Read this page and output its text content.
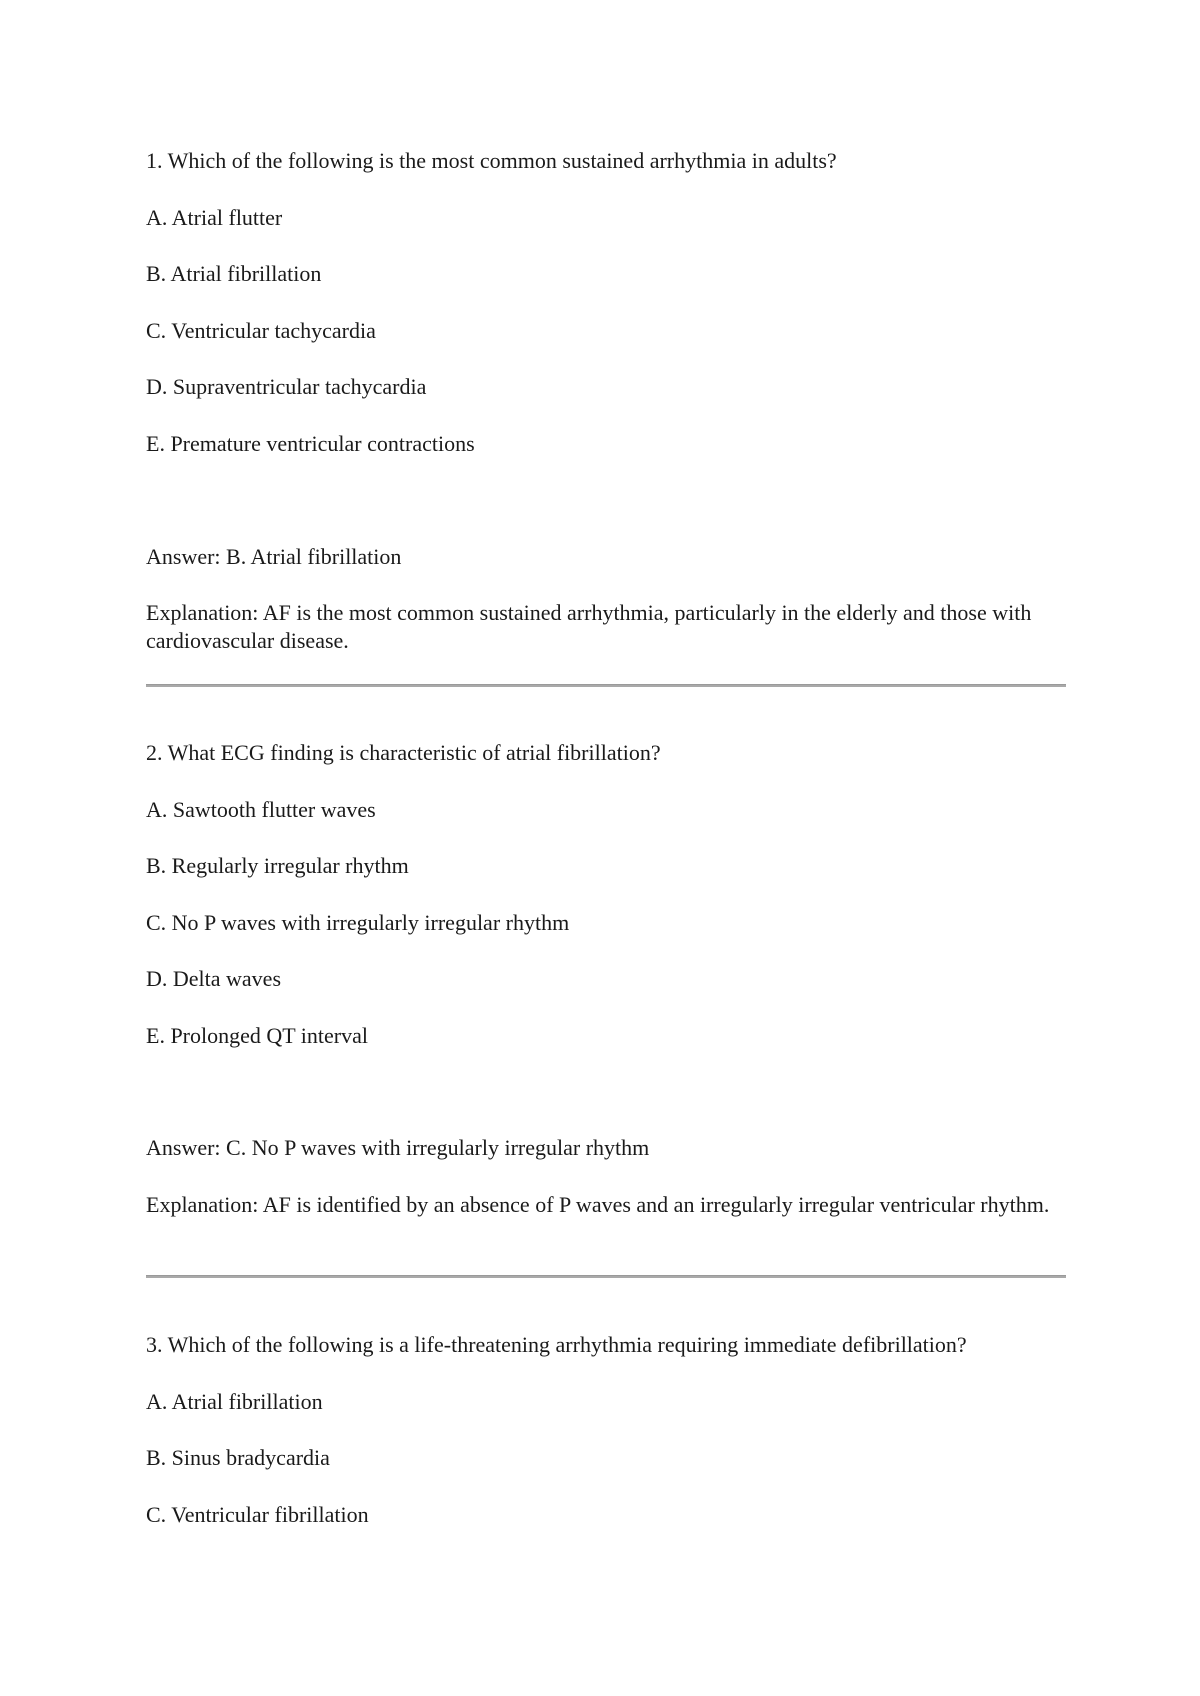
1. Which of the following is the most common sustained arrhythmia in adults?
A. Atrial flutter
B. Atrial fibrillation
C. Ventricular tachycardia
D. Supraventricular tachycardia
E. Premature ventricular contractions
Answer: B. Atrial fibrillation
Explanation: AF is the most common sustained arrhythmia, particularly in the elderly and those with cardiovascular disease.
2. What ECG finding is characteristic of atrial fibrillation?
A. Sawtooth flutter waves
B. Regularly irregular rhythm
C. No P waves with irregularly irregular rhythm
D. Delta waves
E. Prolonged QT interval
Answer: C. No P waves with irregularly irregular rhythm
Explanation: AF is identified by an absence of P waves and an irregularly irregular ventricular rhythm.
3. Which of the following is a life-threatening arrhythmia requiring immediate defibrillation?
A. Atrial fibrillation
B. Sinus bradycardia
C. Ventricular fibrillation
